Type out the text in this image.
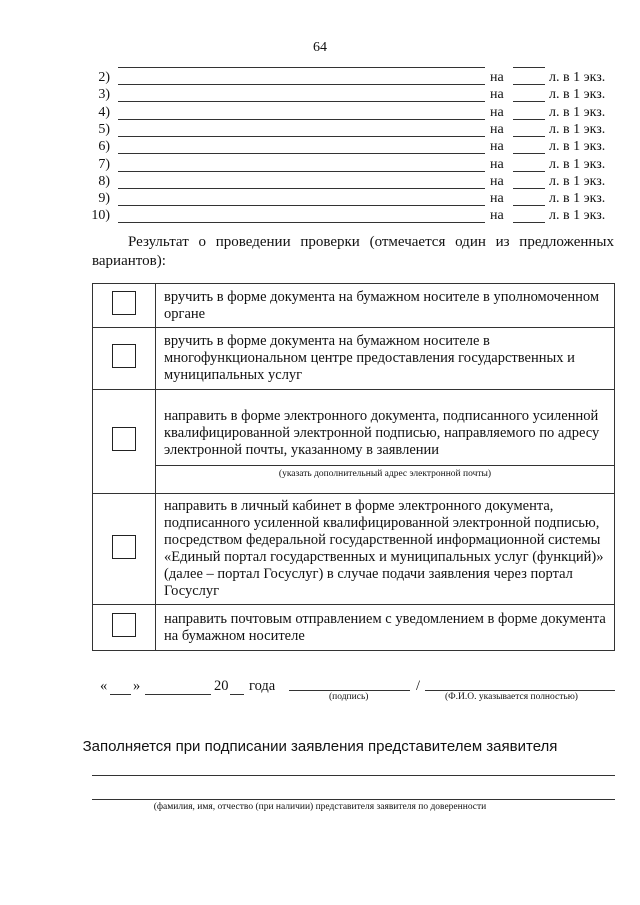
64
2)	на	л. в 1 экз.
3)	на	л. в 1 экз.
4)	на	л. в 1 экз.
5)	на	л. в 1 экз.
6)	на	л. в 1 экз.
7)	на	л. в 1 экз.
8)	на	л. в 1 экз.
9)	на	л. в 1 экз.
10)	на	л. в 1 экз.
Результат о проведении проверки (отмечается один из предложенных вариантов):
	вручить в форме документа на бумажном носителе в уполномоченном органе
	вручить в форме документа на бумажном носителе в многофункциональном центре предоставления государственных и муниципальных услуг

	направить в форме электронного документа, подписанного усиленной квалифицированной электронной подписью, направляемого по адресу электронной почты, указанному в заявлении
(указать дополнительный адрес электронной почты)

	направить в личный кабинет в форме электронного документа, подписанного усиленной квалифицированной электронной подписью, посредством федеральной государственной информационной системы «Единый портал государственных и муниципальных услуг (функций)» (далее – портал Госуслуг) в случае подачи заявления через портал Госуслуг
	направить почтовым отправлением с уведомлением в форме документа на бумажном носителе
« »	20 года	/
(подпись)	(Ф.И.О. указывается полностью)
Заполняется при подписании заявления представителем заявителя
(фамилия, имя, отчество (при наличии) представителя заявителя по доверенности
